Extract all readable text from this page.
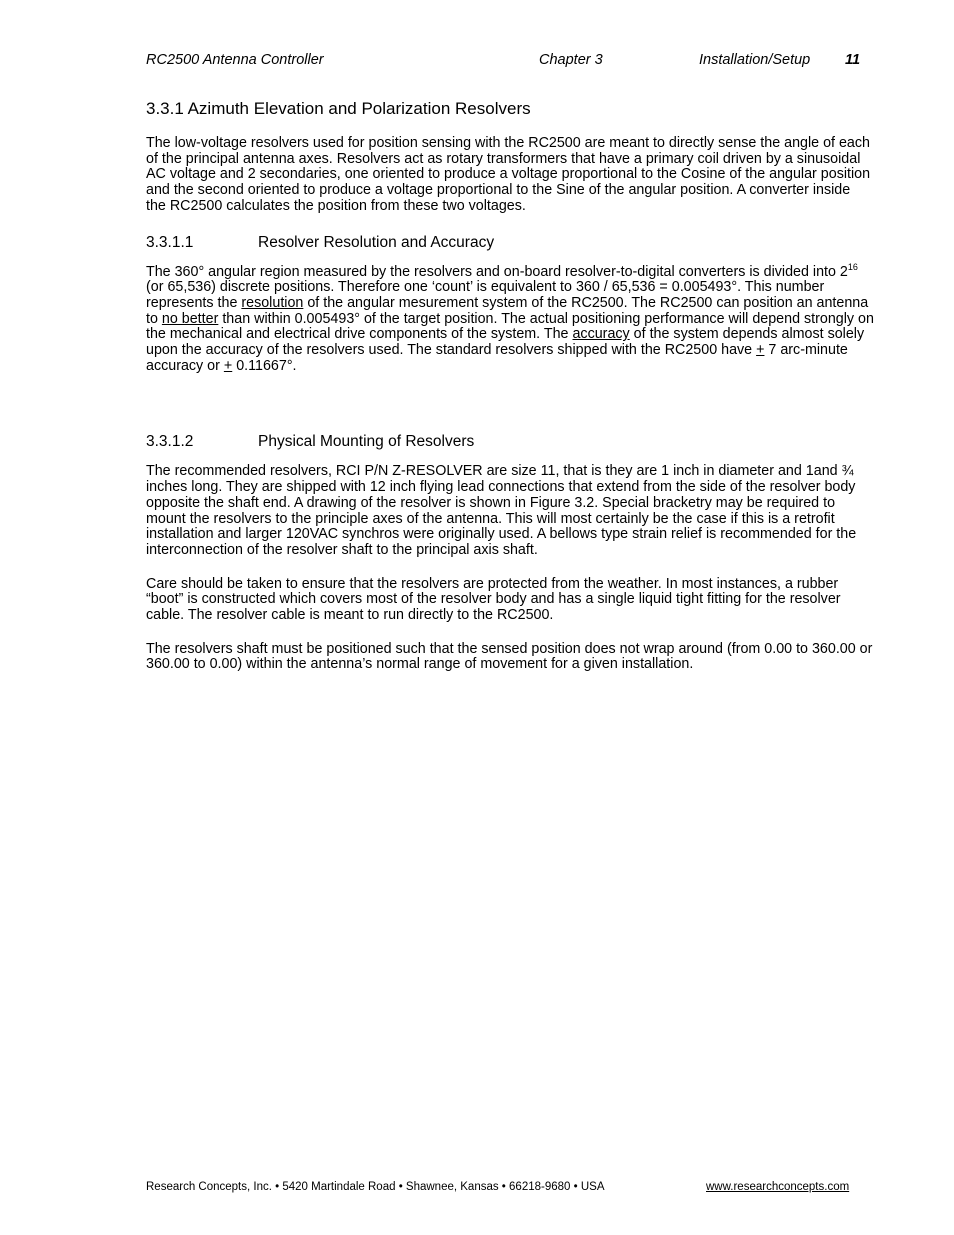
RC2500 Antenna Controller	Chapter 3	Installation/Setup 11
3.3.1 Azimuth Elevation and Polarization Resolvers

The low-voltage resolvers used for position sensing with the RC2500 are meant to directly sense the angle of each of the principal antenna axes. Resolvers act as rotary transformers that have a primary coil driven by a sinusoidal AC voltage and 2 secondaries, one oriented to produce a voltage proportional to the Cosine of the angular position and the second oriented to produce a voltage proportional to the Sine of the angular position. A converter inside the RC2500 calculates the position from these two voltages.

3.3.1.1	Resolver Resolution and Accuracy

The 360° angular region measured by the resolvers and on-board resolver-to-digital converters is divided into $2^{16}$ (or 65,536) discrete positions. Therefore one ‘count’ is equivalent to 360 / 65,536 = 0.005493°. This number represents the resolution of the angular mesurement system of the RC2500. The RC2500 can position an antenna to no better than within 0.005493° of the target position. The actual positioning performance will depend strongly on the mechanical and electrical drive components of the system. The accuracy of the system depends almost solely upon the accuracy of the resolvers used. The standard resolvers shipped with the RC2500 have + 7 arc-minute accuracy or + 0.11667°.

3.3.1.2	Physical Mounting of Resolvers

The recommended resolvers, RCI P/N Z-RESOLVER are size 11, that is they are 1 inch in diameter and 1and ¾ inches long. They are shipped with 12 inch flying lead connections that extend from the side of the resolver body opposite the shaft end. A drawing of the resolver is shown in Figure 3.2. Special bracketry may be required to mount the resolvers to the principle axes of the antenna. This will most certainly be the case if this is a retrofit installation and larger 120VAC synchros were originally used. A bellows type strain relief is recommended for the interconnection of the resolver shaft to the principal axis shaft.

Care should be taken to ensure that the resolvers are protected from the weather. In most instances, a rubber “boot” is constructed which covers most of the resolver body and has a single liquid tight fitting for the resolver cable. The resolver cable is meant to run directly to the RC2500.

The resolvers shaft must be positioned such that the sensed position does not wrap around (from 0.00 to 360.00 or 360.00 to 0.00) within the antenna’s normal range of movement for a given installation.

Research Concepts, Inc. • 5420 Martindale Road • Shawnee, Kansas • 66218-9680 • USA	www.researchconcepts.com
